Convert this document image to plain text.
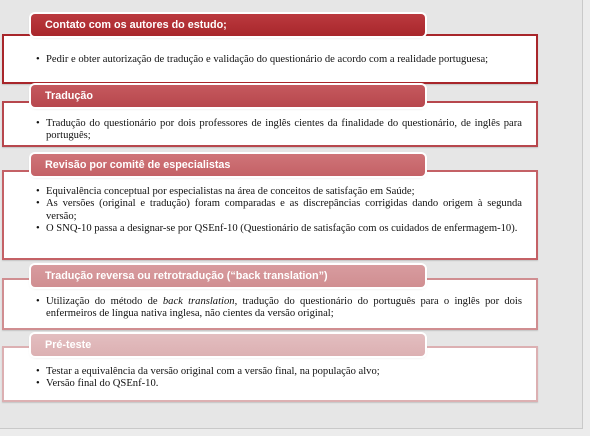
• Pedir e obter autorização de tradução e validação do questionário de acordo com a realidade portuguesa;
Contato com os autores do estudo;
• Tradução do questionário por dois professores de inglês cientes da finalidade do questionário, de inglês para português;
Tradução
• Equivalência conceptual por especialistas na área de conceitos de satisfação em Saúde;
• As versões (original e tradução) foram comparadas e as discrepâncias corrigidas dando origem à segunda versão;
• O SNQ-10 passa a designar-se por QSEnf-10 (Questionário de satisfação com os cuidados de enfermagem-10).
Revisão por comitê de especialistas
• Utilização do método de back translation, tradução do questionário do português para o inglês por dois enfermeiros de língua nativa inglesa, não cientes da versão original;
Tradução reversa ou retrotradução (“back translation”)
• Testar a equivalência da versão original com a versão final, na população alvo;
• Versão final do QSEnf-10.
Pré-teste
